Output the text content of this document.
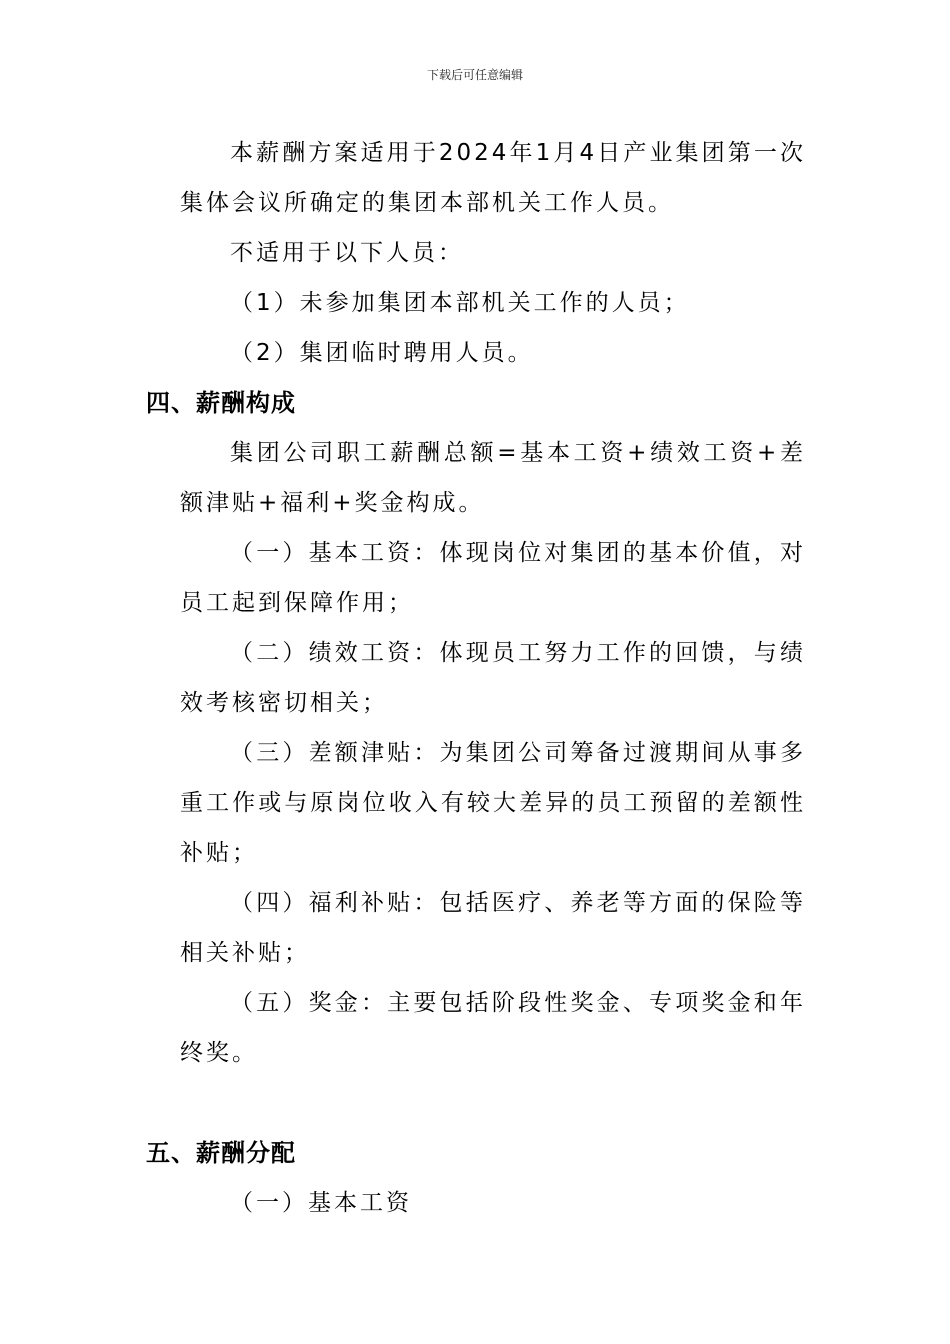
下载后可任意编辑

本薪酬方案适用于2024年1月4日产业集团第一次集体会议所确定的集团本部机关工作人员。

不适用于以下人员：

（1）未参加集团本部机关工作的人员；

（2）集团临时聘用人员。

四、薪酬构成

集团公司职工薪酬总额=基本工资+绩效工资+差额津贴+福利+奖金构成。

（一）基本工资：体现岗位对集团的基本价值，对员工起到保障作用；

（二）绩效工资：体现员工努力工作的回馈，与绩效考核密切相关；

（三）差额津贴：为集团公司筹备过渡期间从事多重工作或与原岗位收入有较大差异的员工预留的差额性补贴；

（四）福利补贴：包括医疗、养老等方面的保险等相关补贴；

（五）奖金：主要包括阶段性奖金、专项奖金和年终奖。

五、薪酬分配

（一）基本工资
